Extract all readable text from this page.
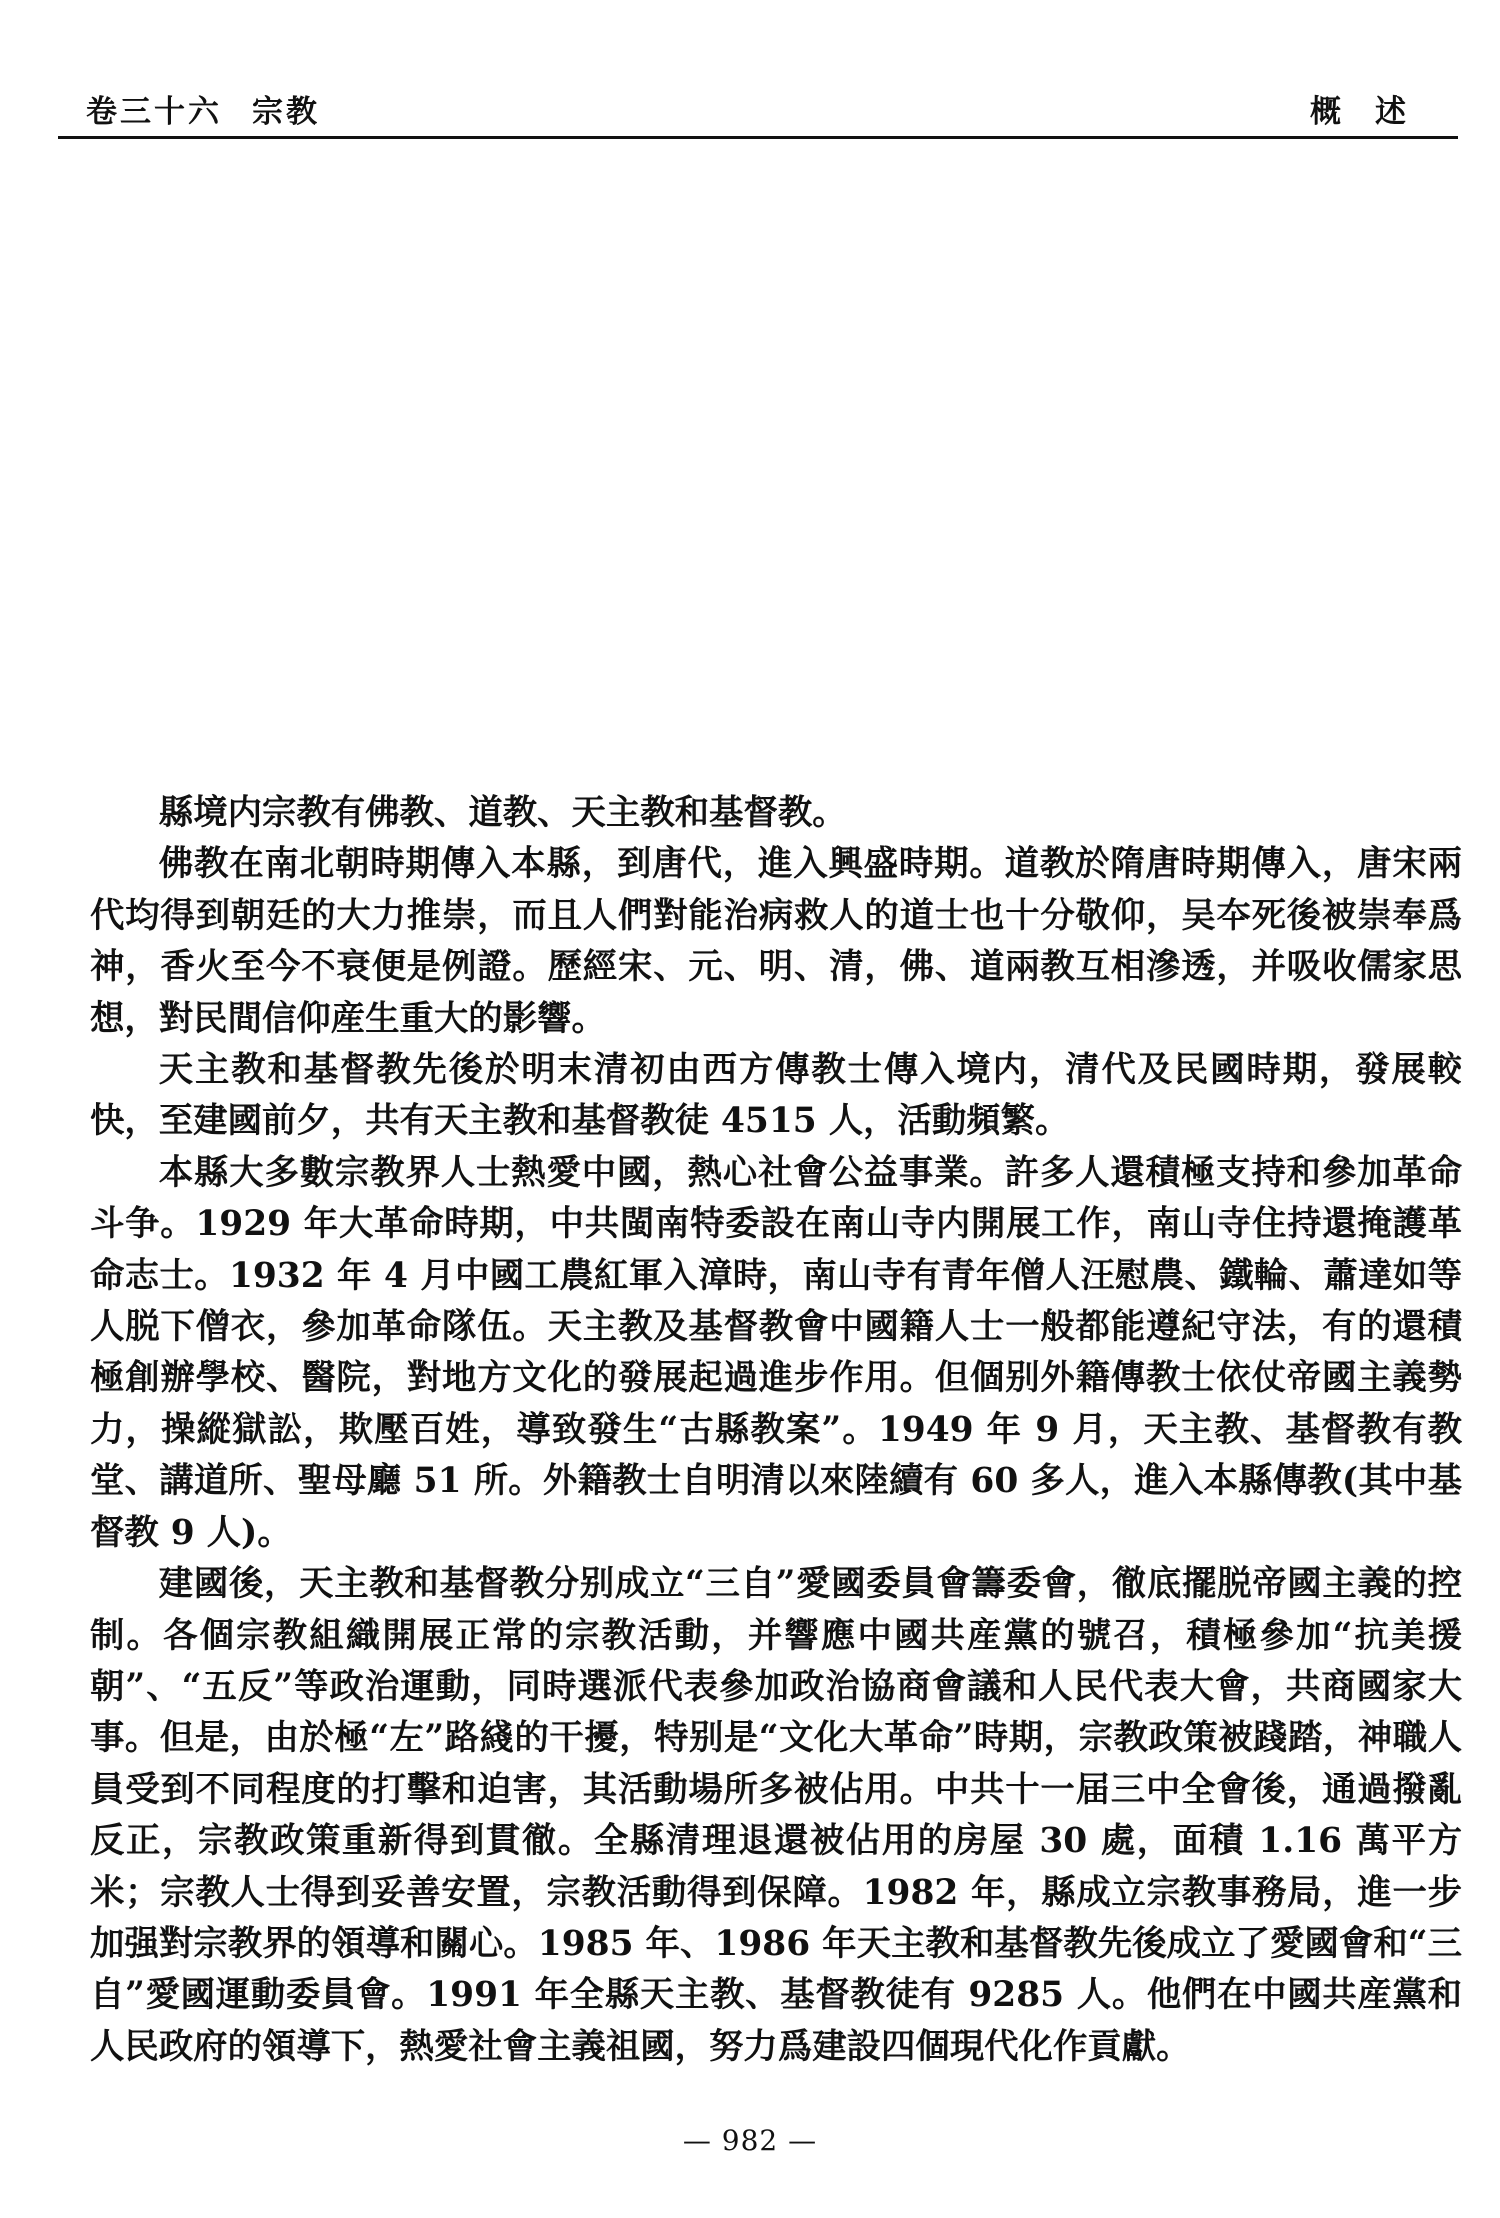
卷三十六 宗教	概述

縣境内宗教有佛教、道教、天主教和基督教。

佛教在南北朝時期傳入本縣，到唐代，進入興盛時期。道教於隋唐時期傳入，唐宋兩代均得到朝廷的大力推崇，而且人們對能治病救人的道士也十分敬仰，吴夲死後被崇奉爲神，香火至今不衰便是例證。歷經宋、元、明、清，佛、道兩教互相滲透，并吸收儒家思想，對民間信仰産生重大的影響。

天主教和基督教先後於明末清初由西方傳教士傳入境内，清代及民國時期，發展較快，至建國前夕，共有天主教和基督教徒 4515 人，活動頻繁。

本縣大多數宗教界人士熱愛中國，熱心社會公益事業。許多人還積極支持和參加革命斗争。1929 年大革命時期，中共閩南特委設在南山寺内開展工作，南山寺住持還掩護革命志士。1932 年 4 月中國工農紅軍入漳時，南山寺有青年僧人汪慰農、鐵輪、蕭達如等人脱下僧衣，參加革命隊伍。天主教及基督教會中國籍人士一般都能遵紀守法，有的還積極創辦學校、醫院，對地方文化的發展起過進步作用。但個别外籍傳教士依仗帝國主義勢力，操縱獄訟，欺壓百姓，導致發生“古縣教案”。1949 年 9 月，天主教、基督教有教堂、講道所、聖母廳 51 所。外籍教士自明清以來陸續有 60 多人，進入本縣傳教(其中基督教 9 人)。

建國後，天主教和基督教分别成立“三自”愛國委員會籌委會，徹底擺脱帝國主義的控制。各個宗教組織開展正常的宗教活動，并響應中國共産黨的號召，積極參加“抗美援朝”、“五反”等政治運動，同時選派代表參加政治協商會議和人民代表大會，共商國家大事。但是，由於極“左”路綫的干擾，特别是“文化大革命”時期，宗教政策被踐踏，神職人員受到不同程度的打擊和迫害，其活動場所多被佔用。中共十一届三中全會後，通過撥亂反正，宗教政策重新得到貫徹。全縣清理退還被佔用的房屋 30 處，面積 1.16 萬平方米；宗教人士得到妥善安置，宗教活動得到保障。1982 年，縣成立宗教事務局，進一步加强對宗教界的領導和關心。1985 年、1986 年天主教和基督教先後成立了愛國會和“三自”愛國運動委員會。1991 年全縣天主教、基督教徒有 9285 人。他們在中國共産黨和人民政府的領導下，熱愛社會主義祖國，努力爲建設四個現代化作貢獻。

— 982 —
